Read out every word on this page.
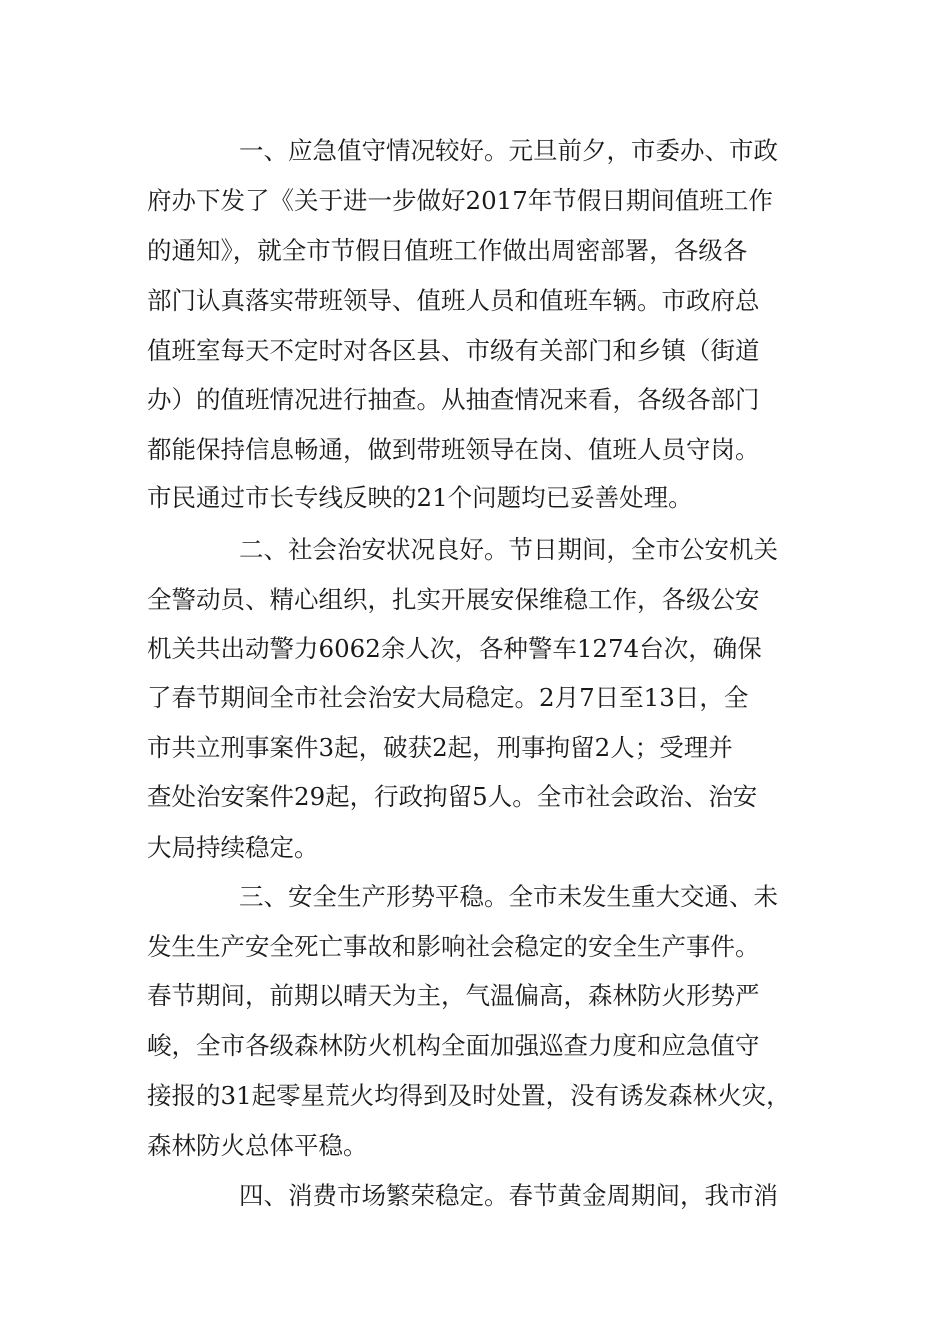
一、应急值守情况较好。元旦前夕，市委办、市政
府办下发了《关于进一步做好2017年节假日期间值班工作
的通知》，就全市节假日值班工作做出周密部署，各级各
部门认真落实带班领导、值班人员和值班车辆。市政府总
值班室每天不定时对各区县、市级有关部门和乡镇（街道
办）的值班情况进行抽查。从抽查情况来看，各级各部门
都能保持信息畅通，做到带班领导在岗、值班人员守岗。
市民通过市长专线反映的21个问题均已妥善处理。
二、社会治安状况良好。节日期间，全市公安机关
全警动员、精心组织，扎实开展安保维稳工作，各级公安
机关共出动警力6062余人次，各种警车1274台次，确保
了春节期间全市社会治安大局稳定。2月7日至13日，全
市共立刑事案件3起，破获2起，刑事拘留2人；受理并
查处治安案件29起，行政拘留5人。全市社会政治、治安
大局持续稳定。
三、安全生产形势平稳。全市未发生重大交通、未
发生生产安全死亡事故和影响社会稳定的安全生产事件。
春节期间，前期以晴天为主，气温偏高，森林防火形势严
峻，全市各级森林防火机构全面加强巡查力度和应急值守
接报的31起零星荒火均得到及时处置，没有诱发森林火灾，
森林防火总体平稳。
四、消费市场繁荣稳定。春节黄金周期间，我市消
